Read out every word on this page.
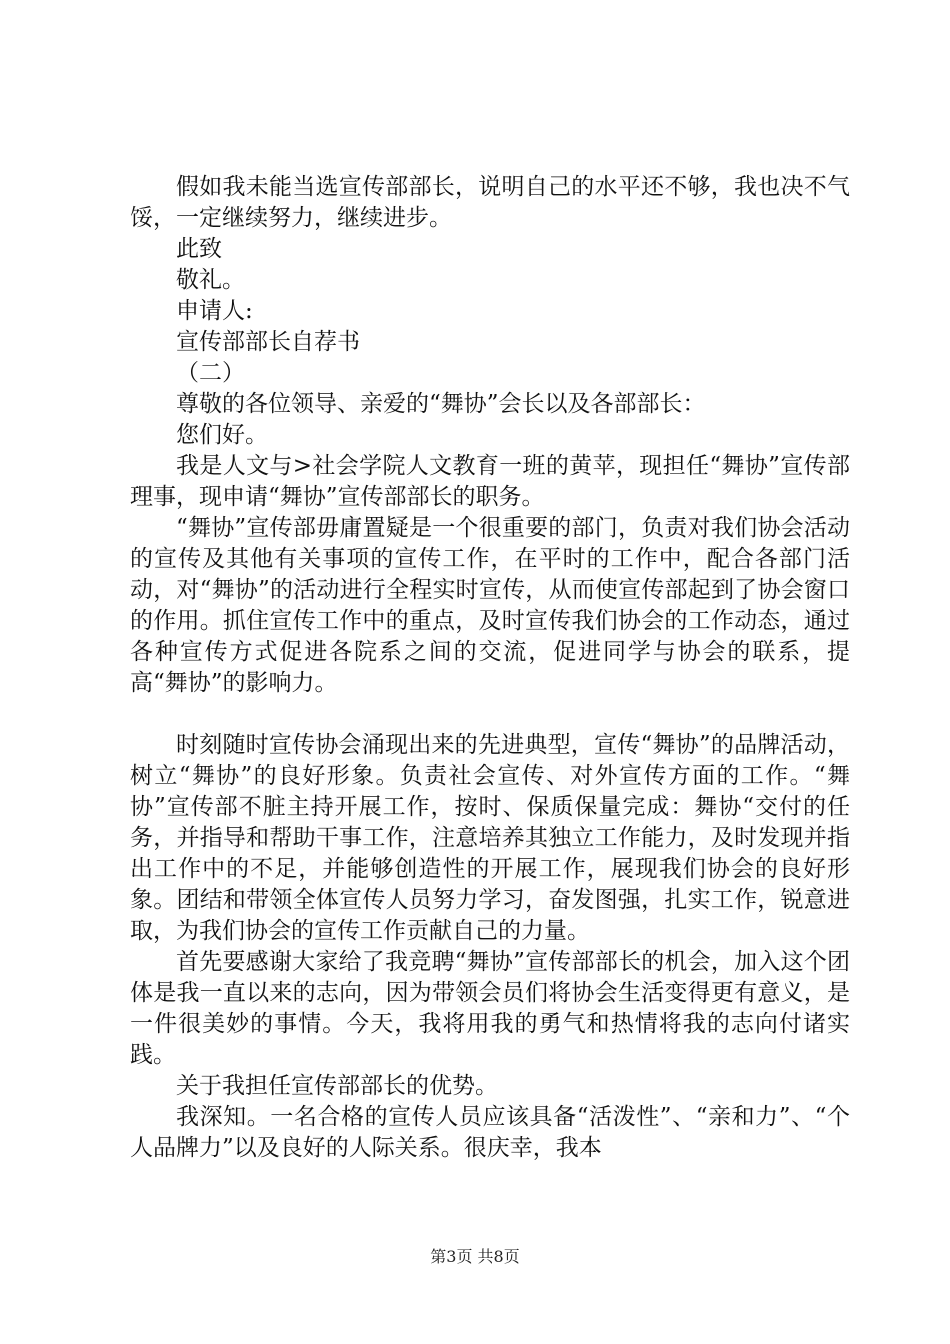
假如我未能当选宣传部部长，说明自己的水平还不够，我也决不气馁，一定继续努力，继续进步。

此致

敬礼。

申请人:

宣传部部长自荐书

（二）

尊敬的各位领导、亲爱的“舞协”会长以及各部部长：

您们好。

我是人文与>社会学院人文教育一班的黄苹，现担任“舞协”宣传部理事，现申请“舞协”宣传部部长的职务。

“舞协”宣传部毋庸置疑是一个很重要的部门，负责对我们协会活动的宣传及其他有关事项的宣传工作，在平时的工作中，配合各部门活动，对“舞协”的活动进行全程实时宣传，从而使宣传部起到了协会窗口的作用。抓住宣传工作中的重点，及时宣传我们协会的工作动态，通过各种宣传方式促进各院系之间的交流，促进同学与协会的联系，提高“舞协”的影响力。

时刻随时宣传协会涌现出来的先进典型，宣传“舞协”的品牌活动，树立“舞协”的良好形象。负责社会宣传、对外宣传方面的工作。“舞协”宣传部不脏主持开展工作，按时、保质保量完成：舞协“交付的任务，并指导和帮助干事工作，注意培养其独立工作能力，及时发现并指出工作中的不足，并能够创造性的开展工作，展现我们协会的良好形象。团结和带领全体宣传人员努力学习，奋发图强，扎实工作，锐意进取，为我们协会的宣传工作贡献自己的力量。

首先要感谢大家给了我竞聘“舞协”宣传部部长的机会，加入这个团体是我一直以来的志向，因为带领会员们将协会生活变得更有意义，是一件很美妙的事情。今天，我将用我的勇气和热情将我的志向付诸实践。

关于我担任宣传部部长的优势。

我深知。一名合格的宣传人员应该具备“活泼性”、“亲和力”、“个人品牌力”以及良好的人际关系。很庆幸，我本

第3页 共8页
